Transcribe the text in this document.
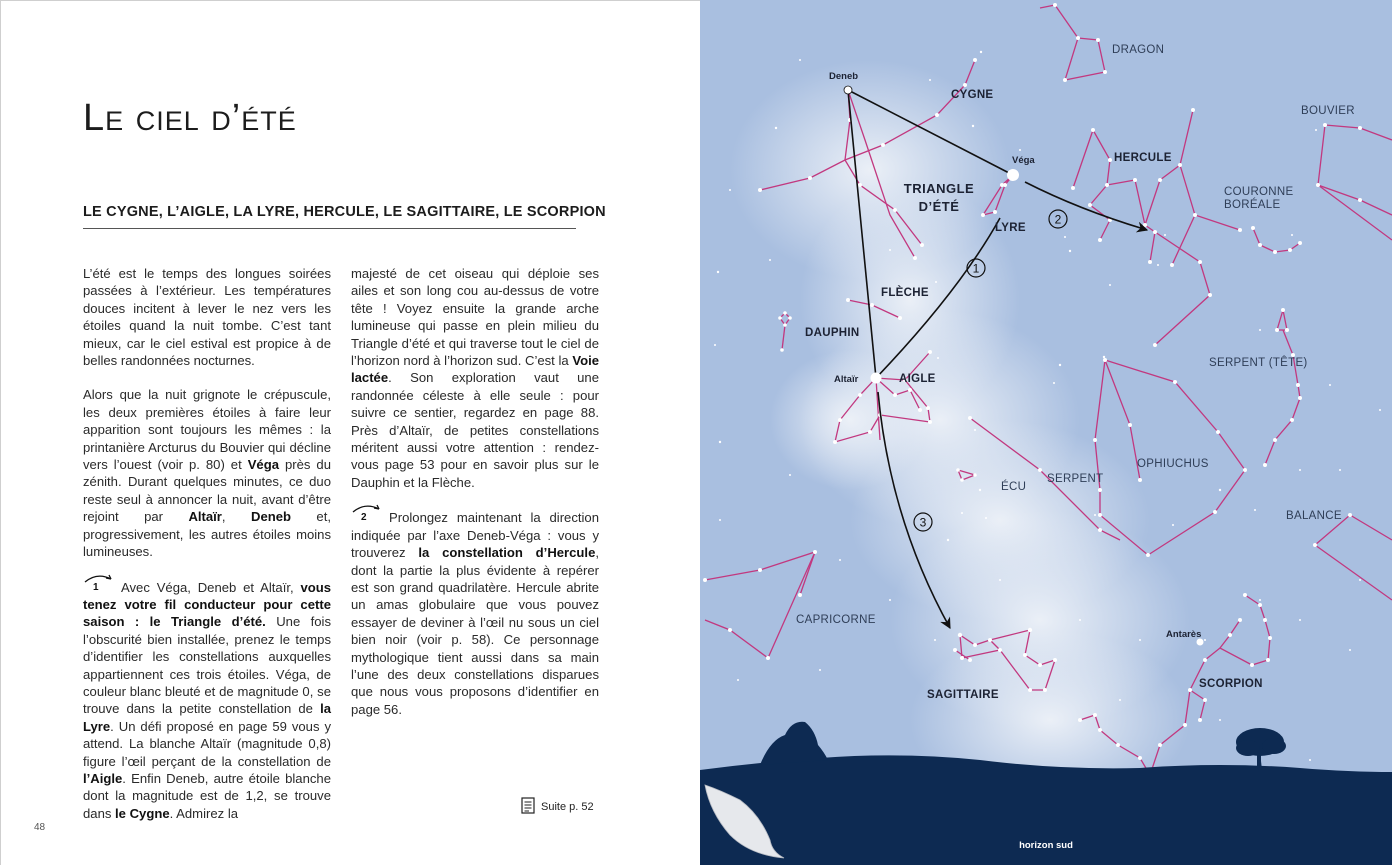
Le ciel d’été
LE CYGNE, L’AIGLE, LA LYRE, HERCULE, LE SAGITTAIRE, LE SCORPION

L’été est le temps des longues soirées passées à l’extérieur. Les températures douces incitent à lever le nez vers les étoiles quand la nuit tombe. C’est tant mieux, car le ciel estival est propice à de belles randonnées nocturnes.

Alors que la nuit grignote le crépuscule, les deux premières étoiles à faire leur apparition sont toujours les mêmes : la printanière Arcturus du Bouvier qui décline vers l’ouest (voir p. 80) et Véga près du zénith. Durant quelques minutes, ce duo reste seul à annoncer la nuit, avant d’être rejoint par Altaïr, Deneb et, progressivement, les autres étoiles moins lumineuses.

1 Avec Véga, Deneb et Altaïr, vous tenez votre fil conducteur pour cette saison : le Triangle d’été. Une fois l’obscurité bien installée, prenez le temps d’identifier les constellations auxquelles appartiennent ces trois étoiles. Véga, de couleur blanc bleuté et de magnitude 0, se trouve dans la petite constellation de la Lyre. Un défi proposé en page 59 vous y attend. La blanche Altaïr (magnitude 0,8) figure l’œil perçant de la constellation de l’Aigle. Enfin Deneb, autre étoile blanche dont la magnitude est de 1,2, se trouve dans le Cygne. Admirez la

majesté de cet oiseau qui déploie ses ailes et son long cou au-dessus de votre tête ! Voyez ensuite la grande arche lumineuse qui passe en plein milieu du Triangle d’été et qui traverse tout le ciel de l’horizon nord à l’horizon sud. C’est la Voie lactée. Son exploration vaut une randonnée céleste à elle seule : pour suivre ce sentier, regardez en page 88. Près d’Altaïr, de petites constellations méritent aussi votre attention : rendez-vous page 53 pour en savoir plus sur le Dauphin et la Flèche.

2 Prolongez maintenant la direction indiquée par l’axe Deneb-Véga : vous y trouverez la constellation d’Hercule, dont la partie la plus évidente à repérer est son grand quadrilatère. Hercule abrite un amas globulaire que vous pouvez essayer de deviner à l’œil nu sous un ciel bien noir (voir p. 58). Ce personnage mythologique tient aussi dans sa main l’une des deux constellations disparues que nous vous proposons d’identifier en page 56.

Suite p. 52
48
1
2
3
DRAGON
CYGNE
BOUVIER
HERCULE
COURONNE
BORÉALE
TRIANGLE
D’ÉTÉ
LYRE
FLÈCHE
DAUPHIN
AIGLE
SERPENT (TÊTE)
ÉCU
SERPENT
OPHIUCHUS
BALANCE
CAPRICORNE
SAGITTAIRE
SCORPION
Deneb
Véga
Altaïr
Antarès
horizon sud
